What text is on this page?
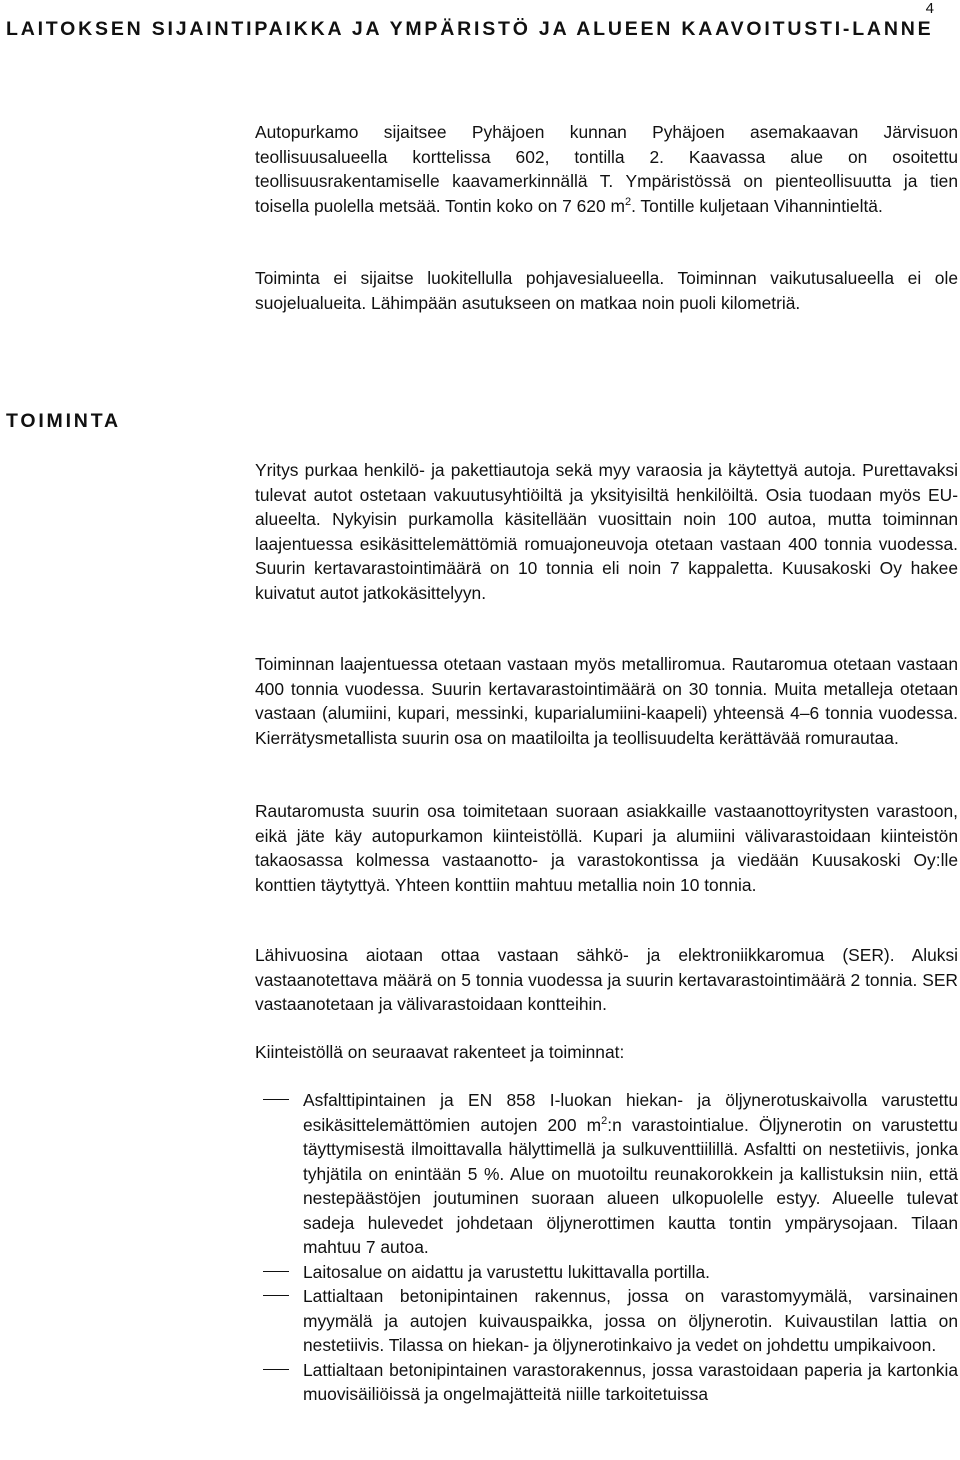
4
LAITOKSEN SIJAINTIPAIKKA JA YMPÄRISTÖ JA ALUEEN KAAVOITUSTI-LANNE

Autopurkamo sijaitsee Pyhäjoen kunnan Pyhäjoen asemakaavan Järvisuon teollisuusalueella korttelissa 602, tontilla 2. Kaavassa alue on osoitettu teollisuusrakentamiselle kaavamerkinnällä T. Ympäristössä on pienteollisuutta ja tien toisella puolella metsää. Tontin koko on 7 620 $m^2$. Tontille kuljetaan Vihannintieltä.

Toiminta ei sijaitse luokitellulla pohjavesialueella. Toiminnan vaikutusalueella ei ole suojelualueita. Lähimpään asutukseen on matkaa noin puoli kilometriä.

TOIMINTA

Yritys purkaa henkilö- ja pakettiautoja sekä myy varaosia ja käytettyä autoja. Purettavaksi tulevat autot ostetaan vakuutusyhtiöiltä ja yksityisiltä henkilöiltä. Osia tuodaan myös EU-alueelta. Nykyisin purkamolla käsitellään vuosittain noin 100 autoa, mutta toiminnan laajentuessa esikäsittelemättömiä romuajoneuvoja otetaan vastaan 400 tonnia vuodessa. Suurin kertavarastointimäärä on 10 tonnia eli noin 7 kappaletta. Kuusakoski Oy hakee kuivatut autot jatkokäsittelyyn.

Toiminnan laajentuessa otetaan vastaan myös metalliromua. Rautaromua otetaan vastaan 400 tonnia vuodessa. Suurin kertavarastointimäärä on 30 tonnia. Muita metalleja otetaan vastaan (alumiini, kupari, messinki, kuparialumiini-kaapeli) yhteensä 4–6 tonnia vuodessa. Kierrätysmetallista suurin osa on maatiloilta ja teollisuudelta kerättävää romurautaa.

Rautaromusta suurin osa toimitetaan suoraan asiakkaille vastaanottoyritysten varastoon, eikä jäte käy autopurkamon kiinteistöllä. Kupari ja alumiini välivarastoidaan kiinteistön takaosassa kolmessa vastaanotto- ja varastokontissa ja viedään Kuusakoski Oy:lle konttien täytyttyä. Yhteen konttiin mahtuu metallia noin 10 tonnia.

Lähivuosina aiotaan ottaa vastaan sähkö- ja elektroniikkaromua (SER). Aluksi vastaanotettava määrä on 5 tonnia vuodessa ja suurin kertavarastointimäärä 2 tonnia. SER vastaanotetaan ja välivarastoidaan kontteihin.

Kiinteistöllä on seuraavat rakenteet ja toiminnat:

Asfalttipintainen ja EN 858 I-luokan hiekan- ja öljynerotuskaivolla varustettu esikäsittelemättömien autojen 200 $m^2:n$ varastointialue. Öljynerotin on varustettu täyttymisestä ilmoittavalla hälyttimellä ja sulkuventtiilillä. Asfaltti on nestetiivis, jonka tyhjätila on enintään 5 %. Alue on muotoiltu reunakorokkein ja kallistuksin niin, että nestepäästöjen joutuminen suoraan alueen ulkopuolelle estyy. Alueelle tulevat sadeja hulevedet johdetaan öljynerottimen kautta tontin ympärysojaan. Tilaan mahtuu 7 autoa.
Laitosalue on aidattu ja varustettu lukittavalla portilla.
Lattialtaan betonipintainen rakennus, jossa on varastomyymälä, varsinainen myymälä ja autojen kuivauspaikka, jossa on öljynerotin. Kuivaustilan lattia on nestetiivis. Tilassa on hiekan- ja öljynerotinkaivo ja vedet on johdettu umpikaivoon.
Lattialtaan betonipintainen varastorakennus, jossa varastoidaan paperia ja kartonkia muovisäiliöissä ja ongelmajätteitä niille tarkoitetuissa
